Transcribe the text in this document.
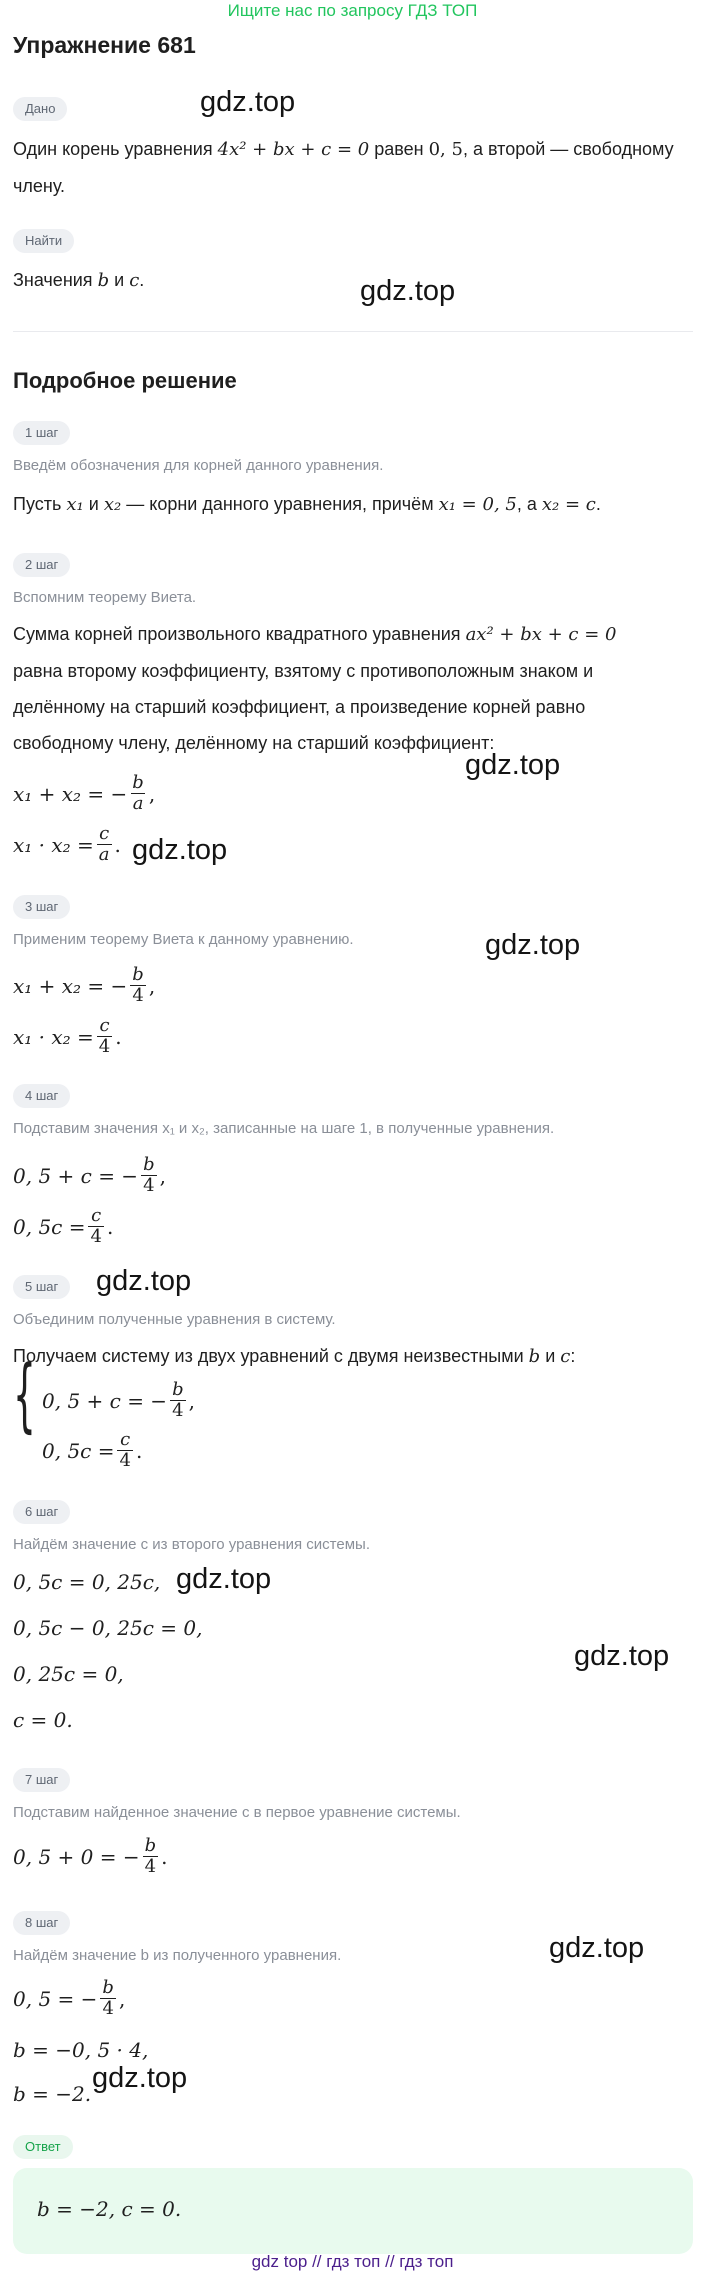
Ищите нас по запросу ГДЗ ТОП
Упражнение 681
Дано
Один корень уравнения 4x² + bx + c = 0 равен 0, 5, а второй — свободному
члену.
Найти
Значения b и c.
Подробное решение
1 шаг
Введём обозначения для корней данного уравнения.
Пусть x₁ и x₂ — корни данного уравнения, причём x₁ = 0, 5, а x₂ = c.
2 шаг
Вспомним теорему Виета.
Сумма корней произвольного квадратного уравнения ax² + bx + c = 0
равна второму коэффициенту, взятому с противоположным знаком и
делённому на старший коэффициент, а произведение корней равно
свободному члену, делённому на старший коэффициент:
x₁ + x₂ = − $\frac{b}{a}$ ,
$x_1 \cdot x_2 = \frac{c}{a}$ .
3 шаг
Применим теорему Виета к данному уравнению.
x₁ + x₂ = − $\frac{b}{4}$ ,
$x_1 \cdot x_2 = \frac{c}{4}$ .
4 шаг
Подставим значения x₁ и x₂, записанные на шаге 1, в полученные уравнения.
0, 5 + c = − $\frac{b}{4}$ ,
0, $5c = \frac{c}{4}$ .
5 шаг
Объединим полученные уравнения в систему.
Получаем систему из двух уравнений с двумя неизвестными b и c:
{ 0, 5 + c = − $\frac{b}{4}$ ,
0, $5c = \frac{c}{4}$ .
6 шаг
Найдём значение c из второго уравнения системы.
0, 5c = 0, 25c,
0, 5c − 0, 25c = 0,
0, 25c = 0,
c = 0.
7 шаг
Подставим найденное значение c в первое уравнение системы.
0, 5 + 0 = − $\frac{b}{4}$ .
8 шаг
Найдём значение b из полученного уравнения.
0, 5 = − $\frac{b}{4}$ ,
b = −0, 5 · 4,
b = −2.
Ответ
b = −2, c = 0.
gdz.top
gdz.top
gdz.top
gdz.top
gdz.top
gdz.top
gdz.top
gdz.top
gdz.top
gdz.top
gdz top // гдз топ // гдз топ
